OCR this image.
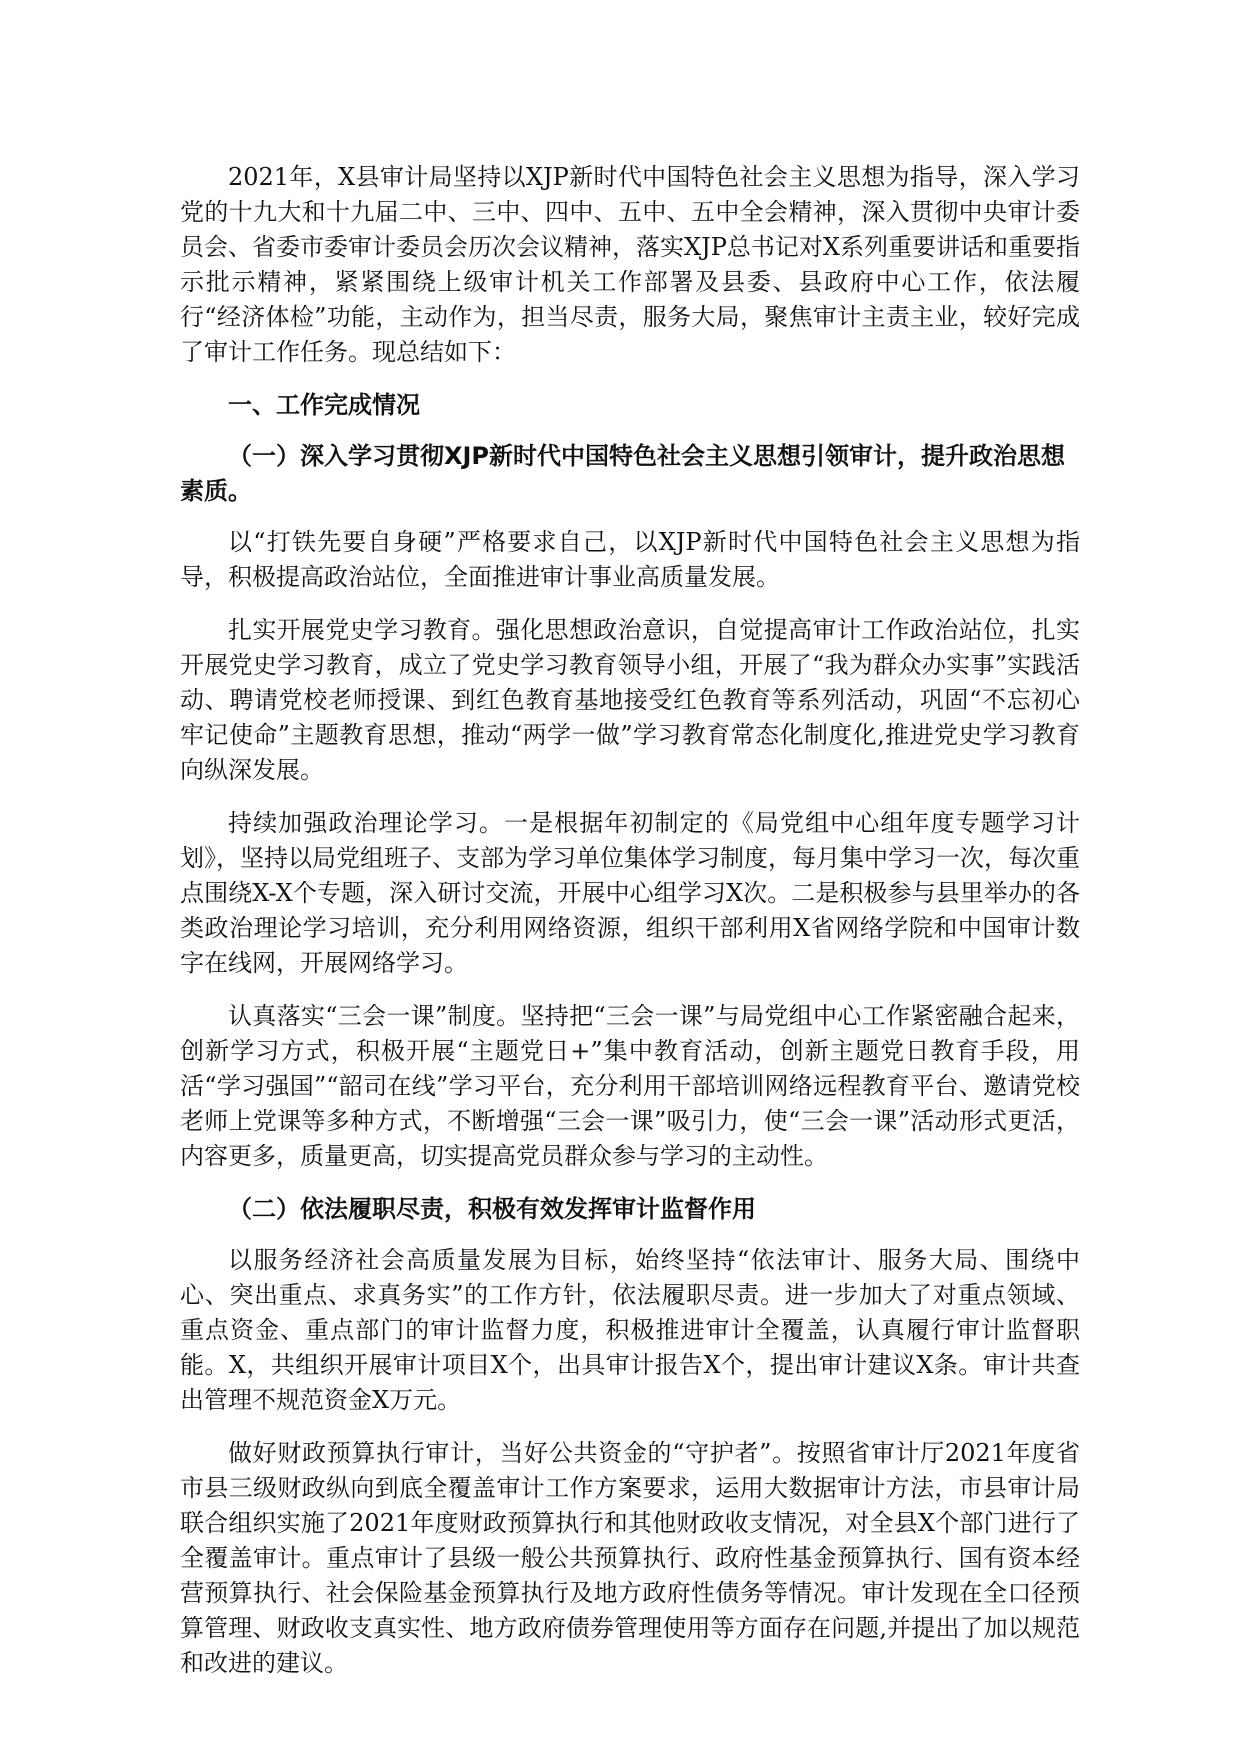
2021年，X县审计局坚持以XJP新时代中国特色社会主义思想为指导，深入学习党的十九大和十九届二中、三中、四中、五中、五中全会精神，深入贯彻中央审计委员会、省委市委审计委员会历次会议精神，落实XJP总书记对X系列重要讲话和重要指示批示精神，紧紧围绕上级审计机关工作部署及县委、县政府中心工作，依法履行“经济体检”功能，主动作为，担当尽责，服务大局，聚焦审计主责主业，较好完成了审计工作任务。现总结如下：

一、工作完成情况

（一）深入学习贯彻XJP新时代中国特色社会主义思想引领审计，提升政治思想素质。

以“打铁先要自身硬”严格要求自己，以XJP新时代中国特色社会主义思想为指导，积极提高政治站位，全面推进审计事业高质量发展。

扎实开展党史学习教育。强化思想政治意识，自觉提高审计工作政治站位，扎实开展党史学习教育，成立了党史学习教育领导小组，开展了“我为群众办实事”实践活动、聘请党校老师授课、到红色教育基地接受红色教育等系列活动，巩固“不忘初心牢记使命”主题教育思想，推动“两学一做”学习教育常态化制度化,推进党史学习教育向纵深发展。

持续加强政治理论学习。一是根据年初制定的《局党组中心组年度专题学习计划》，坚持以局党组班子、支部为学习单位集体学习制度，每月集中学习一次，每次重点围绕X-X个专题，深入研讨交流，开展中心组学习X次。二是积极参与县里举办的各类政治理论学习培训，充分利用网络资源，组织干部利用X省网络学院和中国审计数字在线网，开展网络学习。

认真落实“三会一课”制度。坚持把“三会一课”与局党组中心工作紧密融合起来，创新学习方式，积极开展“主题党日+”集中教育活动，创新主题党日教育手段，用活“学习强国”“韶司在线”学习平台，充分利用干部培训网络远程教育平台、邀请党校老师上党课等多种方式，不断增强“三会一课”吸引力，使“三会一课”活动形式更活，内容更多，质量更高，切实提高党员群众参与学习的主动性。

（二）依法履职尽责，积极有效发挥审计监督作用

以服务经济社会高质量发展为目标，始终坚持“依法审计、服务大局、围绕中心、突出重点、求真务实”的工作方针，依法履职尽责。进一步加大了对重点领域、重点资金、重点部门的审计监督力度，积极推进审计全覆盖，认真履行审计监督职能。X，共组织开展审计项目X个，出具审计报告X个，提出审计建议X条。审计共查出管理不规范资金X万元。

做好财政预算执行审计，当好公共资金的“守护者”。按照省审计厅2021年度省市县三级财政纵向到底全覆盖审计工作方案要求，运用大数据审计方法，市县审计局联合组织实施了2021年度财政预算执行和其他财政收支情况，对全县X个部门进行了全覆盖审计。重点审计了县级一般公共预算执行、政府性基金预算执行、国有资本经营预算执行、社会保险基金预算执行及地方政府性债务等情况。审计发现在全口径预算管理、财政收支真实性、地方政府债券管理使用等方面存在问题,并提出了加以规范和改进的建议。
